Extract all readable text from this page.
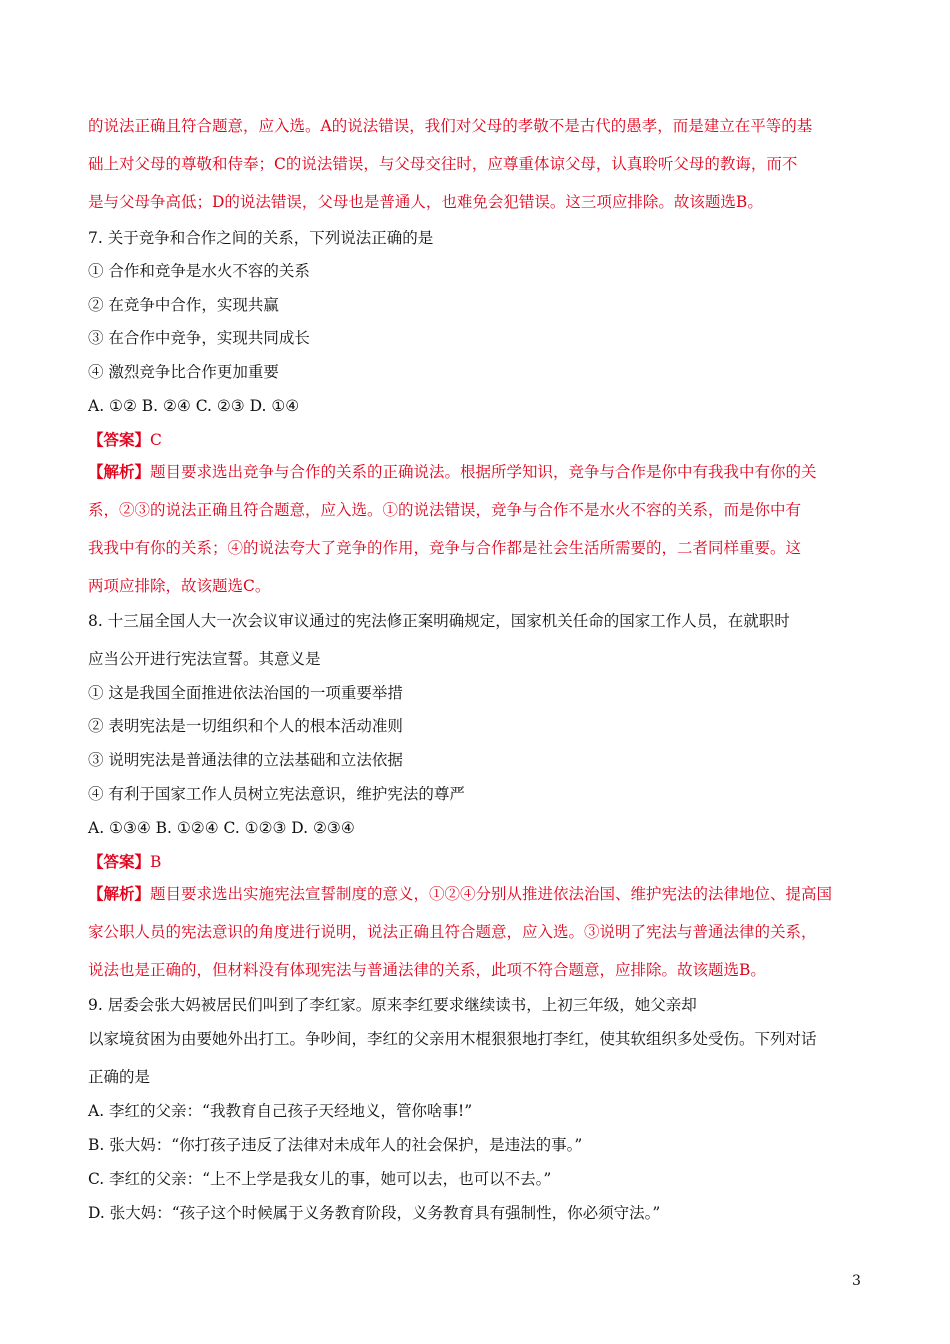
的说法正确且符合题意，应入选。A的说法错误，我们对父母的孝敬不是古代的愚孝，而是建立在平等的基
础上对父母的尊敬和侍奉；C的说法错误，与父母交往时，应尊重体谅父母，认真聆听父母的教诲，而不
是与父母争高低；D的说法错误，父母也是普通人，也难免会犯错误。这三项应排除。故该题选B。
7. 关于竞争和合作之间的关系，下列说法正确的是
① 合作和竞争是水火不容的关系
② 在竞争中合作，实现共赢
③ 在合作中竞争，实现共同成长
④ 激烈竞争比合作更加重要
A. ①② B. ②④ C. ②③ D. ①④
【答案】C
【解析】题目要求选出竞争与合作的关系的正确说法。根据所学知识，竞争与合作是你中有我我中有你的关
系，②③的说法正确且符合题意，应入选。①的说法错误，竞争与合作不是水火不容的关系，而是你中有
我我中有你的关系；④的说法夸大了竞争的作用，竞争与合作都是社会生活所需要的，二者同样重要。这
两项应排除，故该题选C。
8. 十三届全国人大一次会议审议通过的宪法修正案明确规定，国家机关任命的国家工作人员，在就职时
应当公开进行宪法宣誓。其意义是
① 这是我国全面推进依法治国的一项重要举措
② 表明宪法是一切组织和个人的根本活动准则
③ 说明宪法是普通法律的立法基础和立法依据
④ 有利于国家工作人员树立宪法意识，维护宪法的尊严
A. ①③④ B. ①②④ C. ①②③ D. ②③④
【答案】B
【解析】题目要求选出实施宪法宣誓制度的意义，①②④分别从推进依法治国、维护宪法的法律地位、提高国
家公职人员的宪法意识的角度进行说明，说法正确且符合题意，应入选。③说明了宪法与普通法律的关系，
说法也是正确的，但材料没有体现宪法与普通法律的关系，此项不符合题意，应排除。故该题选B。
9. 居委会张大妈被居民们叫到了李红家。原来李红要求继续读书，上初三年级，她父亲却
以家境贫困为由要她外出打工。争吵间，李红的父亲用木棍狠狠地打李红，使其软组织多处受伤。下列对话
正确的是
A. 李红的父亲：“我教育自己孩子天经地义，管你啥事!”
B. 张大妈：“你打孩子违反了法律对未成年人的社会保护，是违法的事。”
C. 李红的父亲：“上不上学是我女儿的事，她可以去，也可以不去。”
D. 张大妈：“孩子这个时候属于义务教育阶段，义务教育具有强制性，你必须守法。”
3
